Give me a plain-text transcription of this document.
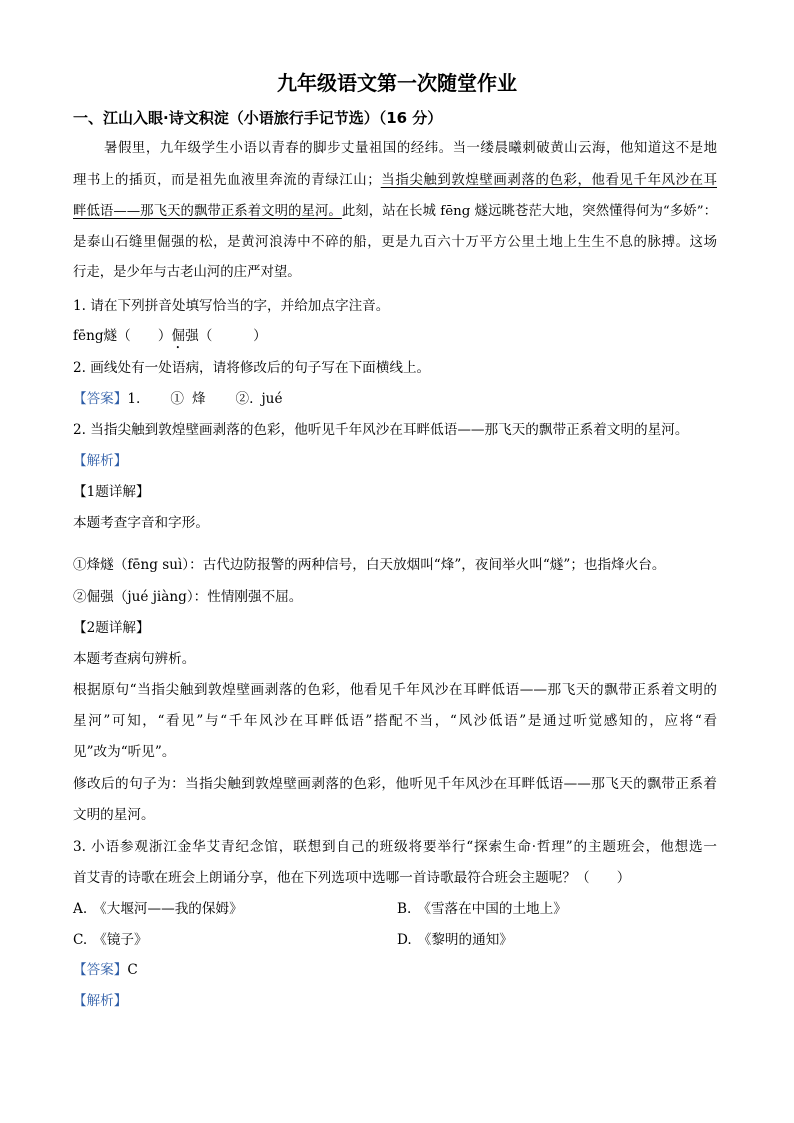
九年级语文第一次随堂作业
一、江山入眼·诗文积淀（小语旅行手记节选）（16 分）
暑假里，九年级学生小语以青春的脚步丈量祖国的经纬。当一缕晨曦刺破黄山云海，他知道这不是地
理书上的插页，而是祖先血液里奔流的青绿江山；当指尖触到敦煌壁画剥落的色彩，他看见千年风沙在耳
畔低语——那飞天的飘带正系着文明的星河。此刻，站在长城 fēng 燧远眺苍茫大地，突然懂得何为“多娇”：
是泰山石缝里倔强的松，是黄河浪涛中不碎的船，更是九百六十万平方公里土地上生生不息的脉搏。这场
行走，是少年与古老山河的庄严对望。
1. 请在下列拼音处填写恰当的字，并给加点字注音。
fēng燧（　　）倔强（　　　）
2. 画线处有一处语病，请将修改后的句子写在下面横线上。
【答案】1. ① 烽 ②. jué
2. 当指尖触到敦煌壁画剥落的色彩，他听见千年风沙在耳畔低语——那飞天的飘带正系着文明的星河。
【解析】
【1题详解】
本题考查字音和字形。
①烽燧（fēng suì）：古代边防报警的两种信号，白天放烟叫“烽”，夜间举火叫“燧”；也指烽火台。
②倔强（jué jiàng）：性情刚强不屈。
【2题详解】
本题考查病句辨析。
根据原句“当指尖触到敦煌壁画剥落的色彩，他看见千年风沙在耳畔低语——那飞天的飘带正系着文明的
星河”可知，“看见”与“千年风沙在耳畔低语”搭配不当，“风沙低语”是通过听觉感知的，应将“看
见”改为“听见”。
修改后的句子为：当指尖触到敦煌壁画剥落的色彩，他听见千年风沙在耳畔低语——那飞天的飘带正系着
文明的星河。
3. 小语参观浙江金华艾青纪念馆，联想到自己的班级将要举行“探索生命·哲理”的主题班会，他想选一
首艾青的诗歌在班会上朗诵分享，他在下列选项中选哪一首诗歌最符合班会主题呢？（　　）
A. 《大堰河——我的保姆》	B. 《雪落在中国的土地上》
C. 《镜子》	D. 《黎明的通知》
【答案】C
【解析】
